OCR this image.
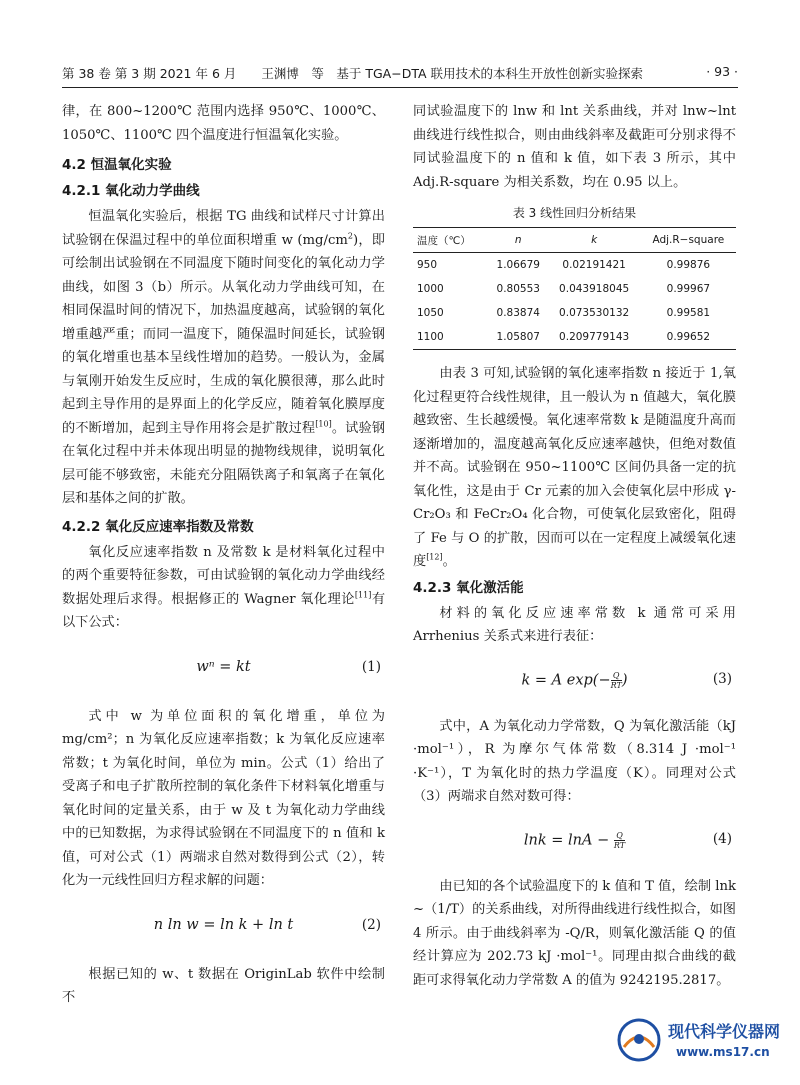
第 38 卷 第 3 期 2021 年 6 月　　王渊博　等　基于 TGA−DTA 联用技术的本科生开放性创新实验探索	· 93 ·

律，在 800~1200℃ 范围内选择 950℃、1000℃、1050℃、1100℃ 四个温度进行恒温氧化实验。

4.2 恒温氧化实验
4.2.1 氧化动力学曲线

恒温氧化实验后，根据 TG 曲线和试样尺寸计算出试验钢在保温过程中的单位面积增重 w $(mg/cm^2)$，即可绘制出试验钢在不同温度下随时间变化的氧化动力学曲线，如图 3（b）所示。从氧化动力学曲线可知，在相同保温时间的情况下，加热温度越高，试验钢的氧化增重越严重；而同一温度下，随保温时间延长，试验钢的氧化增重也基本呈线性增加的趋势。一般认为，金属与氧刚开始发生反应时，生成的氧化膜很薄，那么此时起到主导作用的是界面上的化学反应，随着氧化膜厚度的不断增加，起到主导作用将会是扩散过程[10]。试验钢在氧化过程中并未体现出明显的抛物线规律，说明氧化层可能不够致密，未能充分阻隔铁离子和氧离子在氧化层和基体之间的扩散。

4.2.2 氧化反应速率指数及常数

氧化反应速率指数 n 及常数 k 是材料氧化过程中的两个重要特征参数，可由试验钢的氧化动力学曲线经数据处理后求得。根据修正的 Wagner 氧化理论[11]有以下公式：

wⁿ = kt	(1)

式中 w 为单位面积的氧化增重，单位为 mg/cm²；n 为氧化反应速率指数；k 为氧化反应速率常数；t 为氧化时间，单位为 min。公式（1）给出了受离子和电子扩散所控制的氧化条件下材料氧化增重与氧化时间的定量关系，由于 w 及 t 为氧化动力学曲线中的已知数据，为求得试验钢在不同温度下的 n 值和 k 值，可对公式（1）两端求自然对数得到公式（2），转化为一元线性回归方程求解的问题：

n ln w = ln k + ln t	(2)

根据已知的 w、t 数据在 OriginLab 软件中绘制不

同试验温度下的 lnw 和 lnt 关系曲线，并对 lnw~lnt 曲线进行线性拟合，则由曲线斜率及截距可分别求得不同试验温度下的 n 值和 k 值，如下表 3 所示，其中 Adj.R-square 为相关系数，均在 0.95 以上。

表 3 线性回归分析结果
温度（℃）	n	k	Adj.R−square
950	1.06679	0.02191421	0.99876
1000	0.80553	0.043918045	0.99967
1050	0.83874	0.073530132	0.99581
1100	1.05807	0.209779143	0.99652

由表 3 可知,试验钢的氧化速率指数 n 接近于 1,氧化过程更符合线性规律，且一般认为 n 值越大，氧化膜越致密、生长越缓慢。氧化速率常数 k 是随温度升高而逐渐增加的，温度越高氧化反应速率越快，但绝对数值并不高。试验钢在 950~1100℃ 区间仍具备一定的抗氧化性，这是由于 Cr 元素的加入会使氧化层中形成 γ-Cr₂O₃ 和 FeCr₂O₄ 化合物，可使氧化层致密化，阻碍了 Fe 与 O 的扩散，因而可以在一定程度上减缓氧化速度[12]。

4.2.3 氧化激活能

材料的氧化反应速率常数 k 通常可采用 Arrhenius 关系式来进行表征：

k = A $\exp(- \frac{Q}{RT}$ )	(3)

式中，A 为氧化动力学常数，Q 为氧化激活能（kJ ·mol⁻¹），R 为摩尔气体常数（8.314 J ·mol⁻¹ ·K⁻¹），T 为氧化时的热力学温度（K）。同理对公式（3）两端求自然对数可得：

$\ln k = \ln A - \frac{Q}{RT}$	(4)

由已知的各个试验温度下的 k 值和 T 值，绘制 lnk ~（1/T）的关系曲线，对所得曲线进行线性拟合，如图 4 所示。由于曲线斜率为 -Q/R，则氧化激活能 Q 的值经计算应为 202.73 kJ ·mol⁻¹。同理由拟合曲线的截距可求得氧化动力学常数 A 的值为 9242195.2817。

现代科学仪器网
www.ms17.cn
